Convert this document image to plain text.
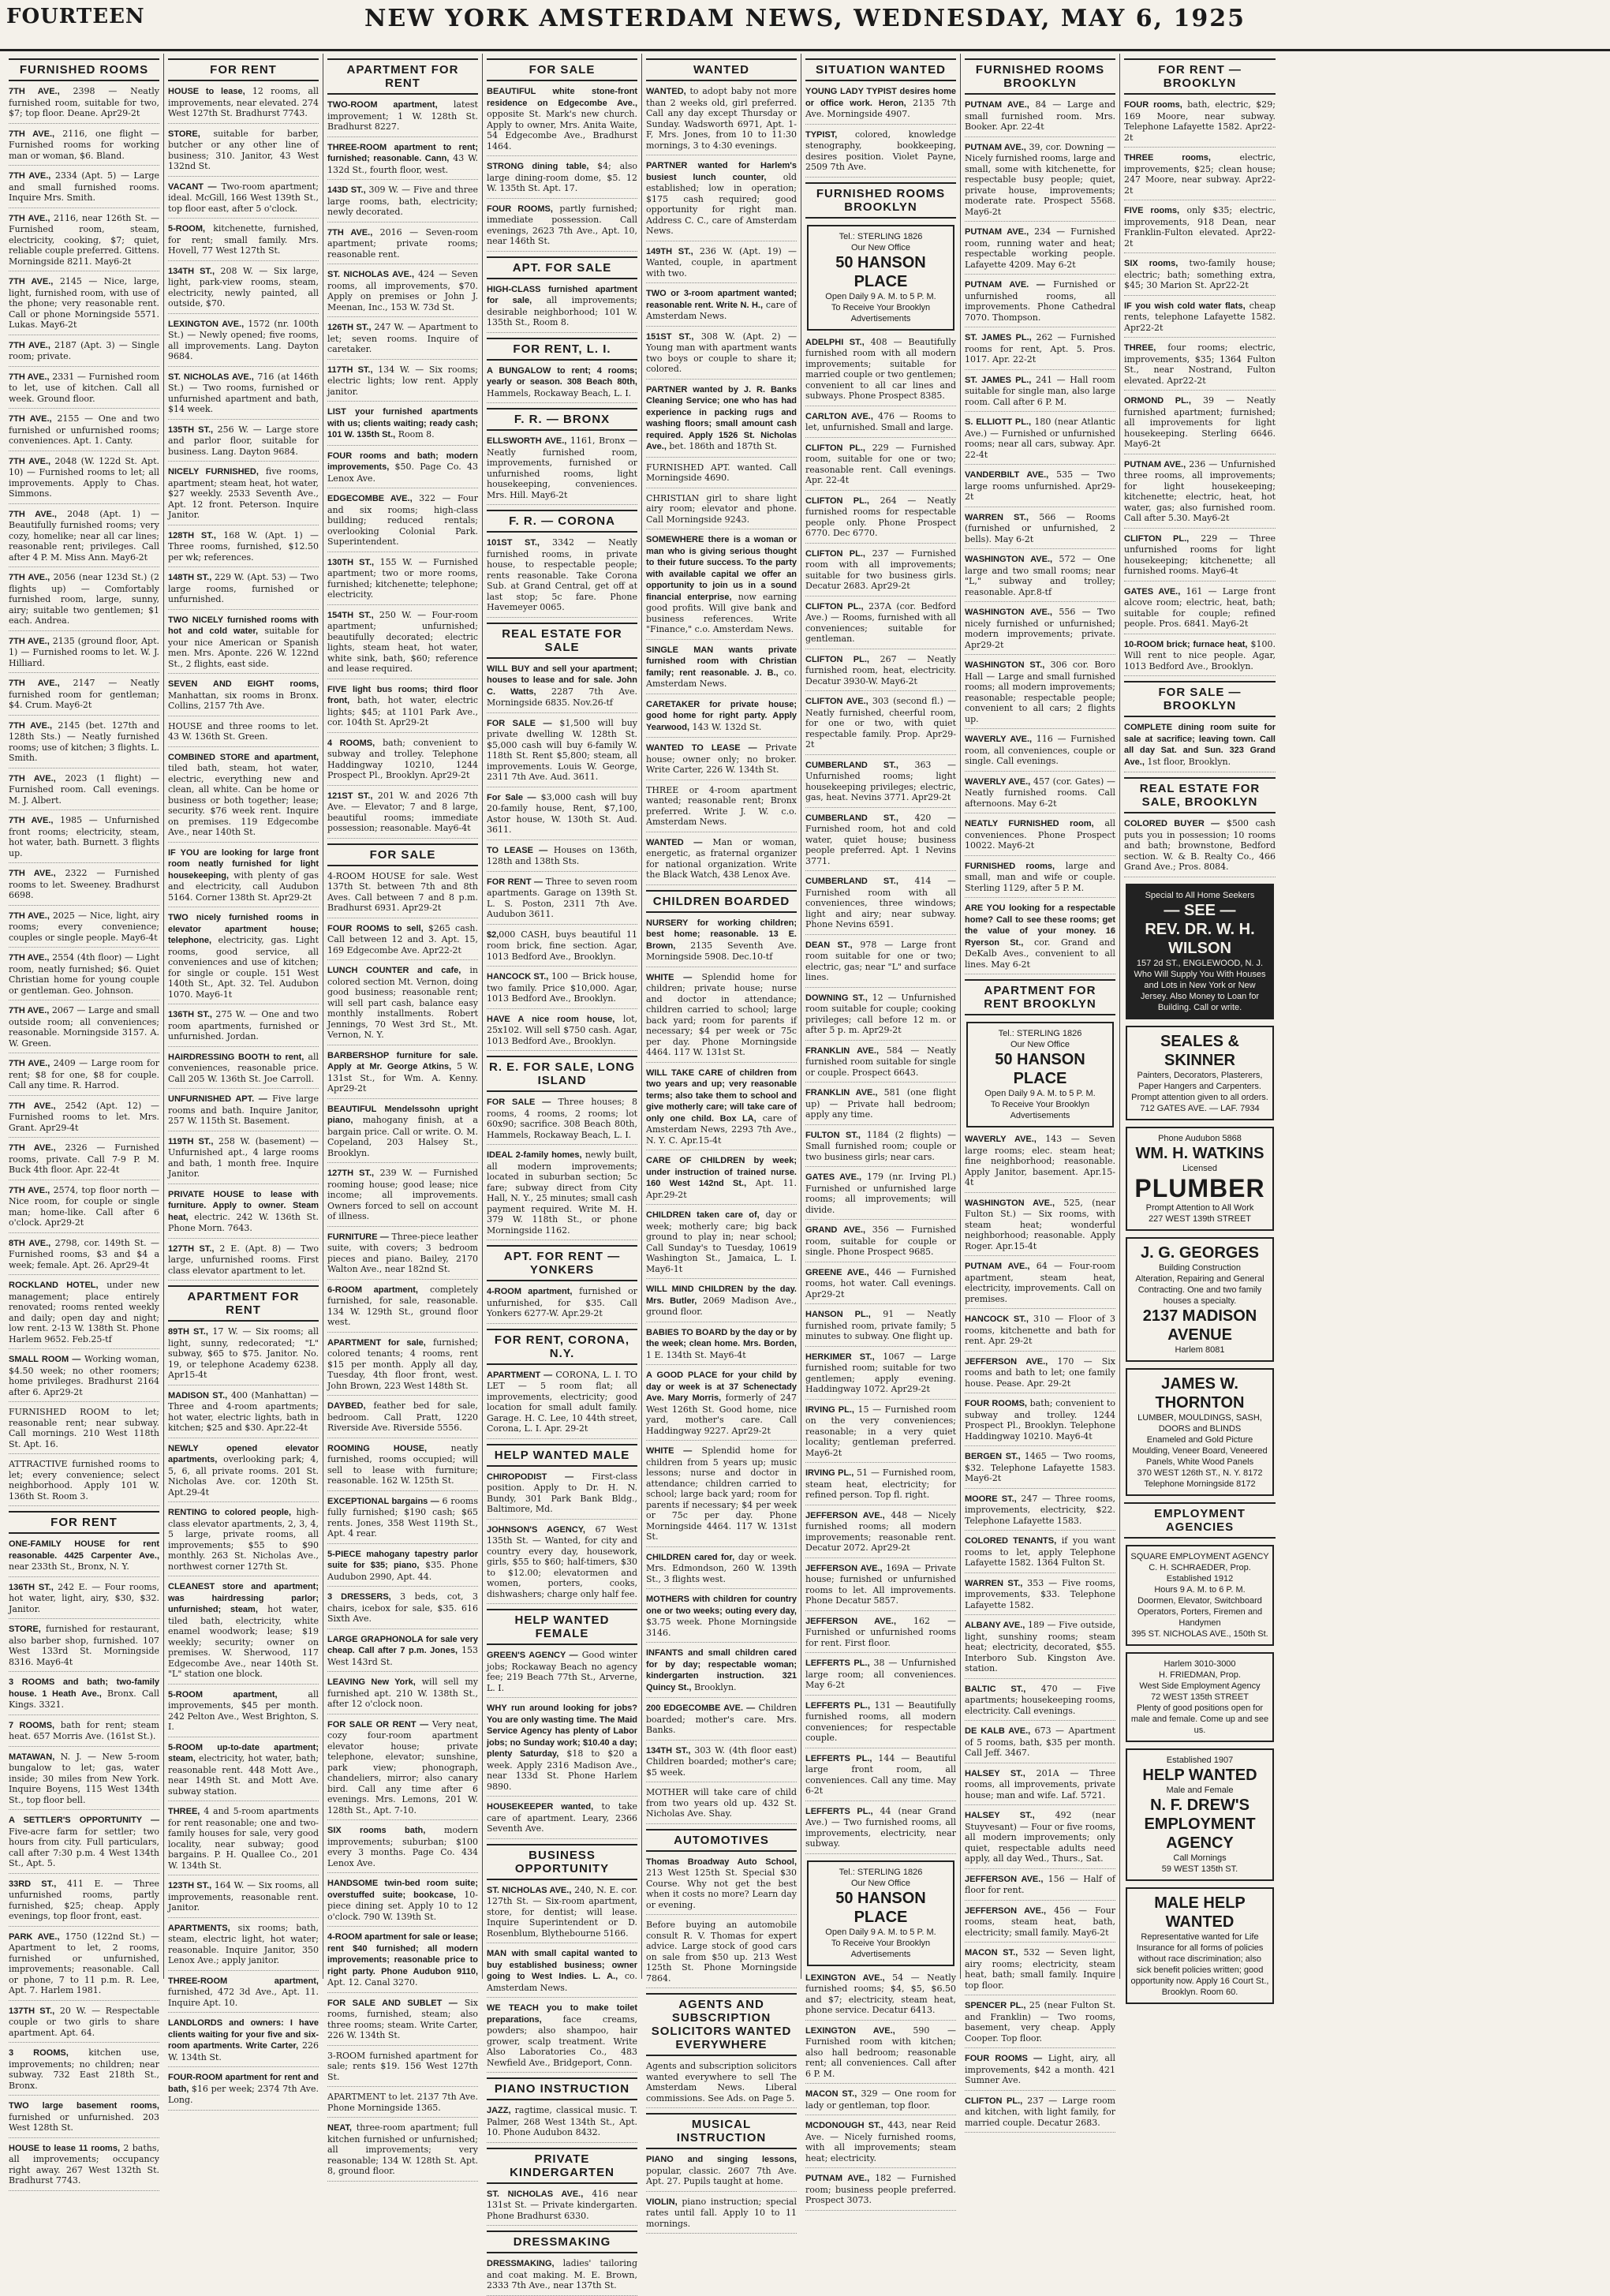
FOURTEEN	NEW YORK AMSTERDAM NEWS, WEDNESDAY, MAY 6, 1925
FURNISHED ROOMS

7TH AVE., 2398 — Neatly furnished room, suitable for two, $7; top floor. Deane. Apr29-2t

7TH AVE., 2116, one flight — Furnished rooms for working man or woman, $6. Bland.

7TH AVE., 2334 (Apt. 5) — Large and small furnished rooms. Inquire Mrs. Smith.

7TH AVE., 2116, near 126th St. — Furnished room, steam, electricity, cooking, $7; quiet, reliable couple preferred. Gittens. Morningside 8211. May6-2t

7TH AVE., 2145 — Nice, large, light, furnished room, with use of the phone; very reasonable rent. Call or phone Morningside 5571. Lukas. May6-2t

7TH AVE., 2187 (Apt. 3) — Single room; private.

7TH AVE., 2331 — Furnished room to let, use of kitchen. Call all week. Ground floor.

7TH AVE., 2155 — One and two furnished or unfurnished rooms; conveniences. Apt. 1. Canty.

7TH AVE., 2048 (W. 122d St. Apt. 10) — Furnished rooms to let; all improvements. Apply to Chas. Simmons.

7TH AVE., 2048 (Apt. 1) — Beautifully furnished rooms; very cozy, homelike; near all car lines; reasonable rent; privileges. Call after 4 P. M. Miss Ann. May6-2t

7TH AVE., 2056 (near 123d St.) (2 flights up) — Comfortably furnished room, large, sunny, airy; suitable two gentlemen; $1 each. Andrea.

7TH AVE., 2135 (ground floor, Apt. 1) — Furnished rooms to let. W. J. Hilliard.

7TH AVE., 2147 — Neatly furnished room for gentleman; $4. Crum. May6-2t

7TH AVE., 2145 (bet. 127th and 128th Sts.) — Neatly furnished rooms; use of kitchen; 3 flights. L. Smith.

7TH AVE., 2023 (1 flight) — Furnished room. Call evenings. M. J. Albert.

7TH AVE., 1985 — Unfurnished front rooms; electricity, steam, hot water, bath. Burnett. 3 flights up.

7TH AVE., 2322 — Furnished rooms to let. Sweeney. Bradhurst 6698.

7TH AVE., 2025 — Nice, light, airy rooms; every convenience; couples or single people. May6-4t

7TH AVE., 2554 (4th floor) — Light room, neatly furnished; $6. Quiet Christian home for young couple or gentleman. Geo. Johnson.

7TH AVE., 2067 — Large and small outside room; all conveniences; reasonable. Morningside 3157. A. W. Green.

7TH AVE., 2409 — Large room for rent; $8 for one, $8 for couple. Call any time. R. Harrod.

7TH AVE., 2542 (Apt. 12) — Furnished rooms to let. Mrs. Grant. Apr29-4t

7TH AVE., 2326 — Furnished rooms, private. Call 7-9 P. M. Buck 4th floor. Apr. 22-4t

7TH AVE., 2574, top floor north — Nice room, for couple or single man; home-like. Call after 6 o'clock. Apr29-2t

8TH AVE., 2798, cor. 149th St. — Furnished rooms, $3 and $4 a week; female. Apt. 26. Apr29-4t

ROCKLAND HOTEL, under new management; place entirely renovated; rooms rented weekly and daily; open day and night; low rent. 2-13 W. 138th St. Phone Harlem 9652. Feb.25-tf

SMALL ROOM — Working woman, $4.50 week; no other roomers; home privileges. Bradhurst 2164 after 6. Apr29-2t

FURNISHED ROOM to let; reasonable rent; near subway. Call mornings. 210 West 118th St. Apt. 16.

ATTRACTIVE furnished rooms to let; every convenience; select neighborhood. Apply 101 W. 136th St. Room 3.

FOR RENT

ONE-FAMILY HOUSE for rent reasonable. 4425 Carpenter Ave., near 233th St., Bronx, N. Y.

136TH ST., 242 E. — Four rooms, hot water, light, airy, $30, $32. Janitor.

STORE, furnished for restaurant, also barber shop, furnished. 107 West 133rd St. Morningside 8316. May6-4t

3 ROOMS and bath; two-family house. 1 Heath Ave., Bronx. Call Kings. 3321.

7 ROOMS, bath for rent; steam heat. 657 Morris Ave. (161st St.).

MATAWAN, N. J. — New 5-room bungalow to let; gas, water inside; 30 miles from New York. Inquire Boyens, 115 West 134th St., top floor bell.

A SETTLER'S OPPORTUNITY — Five-acre farm for settler; two hours from city. Full particulars, call after 7:30 p.m. 4 West 134th St., Apt. 5.

33RD ST., 411 E. — Three unfurnished rooms, partly furnished, $25; cheap. Apply evenings, top floor front, east.

PARK AVE., 1750 (122nd St.) — Apartment to let, 2 rooms, furnished or unfurnished, improvements; reasonable. Call or phone, 7 to 11 p.m. R. Lee, Apt. 7. Harlem 1981.

137TH ST., 20 W. — Respectable couple or two girls to share apartment. Apt. 64.

3 ROOMS, kitchen use, improvements; no children; near subway. 732 East 218th St., Bronx.

TWO large basement rooms, furnished or unfurnished. 203 West 128th St.

HOUSE to lease 11 rooms, 2 baths, all improvements; occupancy right away. 267 West 132th St. Bradhurst 7743.

FOR RENT

HOUSE to lease, 12 rooms, all improvements, near elevated. 274 West 127th St. Bradhurst 7743.

STORE, suitable for barber, butcher or any other line of business; 310. Janitor, 43 West 132nd St.

VACANT — Two-room apartment; ideal. McGill, 166 West 139th St., top floor east, after 5 o'clock.

5-ROOM, kitchenette, furnished, for rent; small family. Mrs. Hovell, 77 West 127th St.

134TH ST., 208 W. — Six large, light, park-view rooms, steam, electricity, newly painted, all outside, $70.

LEXINGTON AVE., 1572 (nr. 100th St.) — Newly opened; five rooms, all improvements. Lang. Dayton 9684.

ST. NICHOLAS AVE., 716 (at 146th St.) — Two rooms, furnished or unfurnished apartment and bath, $14 week.

135TH ST., 256 W. — Large store and parlor floor, suitable for business. Lang. Dayton 9684.

NICELY FURNISHED, five rooms, apartment; steam heat, hot water, $27 weekly. 2533 Seventh Ave., Apt. 12 front. Peterson. Inquire Janitor.

128TH ST., 168 W. (Apt. 1) — Three rooms, furnished, $12.50 per wk; references.

148TH ST., 229 W. (Apt. 53) — Two large rooms, furnished or unfurnished.

TWO NICELY furnished rooms with hot and cold water, suitable for your nice American or Spanish men. Mrs. Aponte. 226 W. 122nd St., 2 flights, east side.

SEVEN AND EIGHT rooms, Manhattan, six rooms in Bronx. Collins, 2157 7th Ave.

HOUSE and three rooms to let. 43 W. 136th St. Green.

COMBINED STORE and apartment, tiled bath, steam, hot water, electric, everything new and clean, all white. Can be home or business or both together; lease; security. $76 week rent. Inquire on premises. 119 Edgecombe Ave., near 140th St.

IF YOU are looking for large front room neatly furnished for light housekeeping, with plenty of gas and electricity, call Audubon 5164. Corner 138th St. Apr29-2t

TWO nicely furnished rooms in elevator apartment house; telephone, electricity, gas. Light rooms, good service, all conveniences and use of kitchen; for single or couple. 151 West 140th St., Apt. 32. Tel. Audubon 1070. May6-1t

136TH ST., 275 W. — One and two room apartments, furnished or unfurnished. Jordan.

HAIRDRESSING BOOTH to rent, all conveniences, reasonable price. Call 205 W. 136th St. Joe Carroll.

UNFURNISHED APT. — Five large rooms and bath. Inquire Janitor, 257 W. 115th St. Basement.

119TH ST., 258 W. (basement) — Unfurnished apt., 4 large rooms and bath, 1 month free. Inquire Janitor.

PRIVATE HOUSE to lease with furniture. Apply to owner. Steam heat, electric. 242 W. 136th St. Phone Morn. 7643.

127TH ST., 2 E. (Apt. 8) — Two large, unfurnished rooms. First class elevator apartment to let.

APARTMENT FOR RENT

89TH ST., 17 W. — Six rooms; all light, sunny, redecorated; "L" subway, $65 to $75. Janitor. No. 19, or telephone Academy 6238. Apr15-4t

MADISON ST., 400 (Manhattan) — Three and 4-room apartments; hot water, electric lights, bath in kitchen; $25 and $30. Apr.22-4t

NEWLY opened elevator apartments, overlooking park; 4, 5, 6, all private rooms. 201 St. Nicholas Ave. cor. 120th St. Apt.29-4t

RENTING to colored people, high-class elevator apartments, 2, 3, 4, 5 large, private rooms, all improvements; $55 to $90 monthly. 263 St. Nicholas Ave., northwest corner 127th St.

CLEANEST store and apartment; was hairdressing parlor; unfurnished; steam, hot water, tiled bath, electricity, white enamel woodwork; lease; $19 weekly; security; owner on premises. W. Sherwood, 117 Edgecombe Ave., near 140th St. "L" station one block.

5-ROOM apartment, all improvements, $45 per month. 242 Pelton Ave., West Brighton, S. I.

5-ROOM up-to-date apartment; steam, electricity, hot water, bath; reasonable rent. 448 Mott Ave., near 149th St. and Mott Ave. subway station.

THREE, 4 and 5-room apartments for rent reasonable; one and two-family houses for sale, very good locality, near subway; good bargains. P. H. Quallee Co., 201 W. 134th St.

123TH ST., 164 W. — Six rooms, all improvements, reasonable rent. Janitor.

APARTMENTS, six rooms; bath, steam, electric light, hot water; reasonable. Inquire Janitor, 350 Lenox Ave.; apply janitor.

THREE-ROOM apartment, furnished, 472 3d Ave., Apt. 11. Inquire Apt. 10.

LANDLORDS and owners: I have clients waiting for your five and six-room apartments. Write Carter, 226 W. 134th St.

FOUR-ROOM apartment for rent and bath, $16 per week; 2374 7th Ave. Long.

APARTMENT FOR RENT

TWO-ROOM apartment, latest improvement; 1 W. 128th St. Bradhurst 8227.

THREE-ROOM apartment to rent; furnished; reasonable. Cann, 43 W. 132d St., fourth floor, west.

143D ST., 309 W. — Five and three large rooms, bath, electricity; newly decorated.

7TH AVE., 2016 — Seven-room apartment; private rooms; reasonable rent.

ST. NICHOLAS AVE., 424 — Seven rooms, all improvements, $70. Apply on premises or John J. Meenan, Inc., 153 W. 73d St.

126TH ST., 247 W. — Apartment to let; seven rooms. Inquire of caretaker.

117TH ST., 134 W. — Six rooms; electric lights; low rent. Apply janitor.

LIST your furnished apartments with us; clients waiting; ready cash; 101 W. 135th St., Room 8.

FOUR rooms and bath; modern improvements, $50. Page Co. 43 Lenox Ave.

EDGECOMBE AVE., 322 — Four and six rooms; high-class building; reduced rentals; overlooking Colonial Park. Superintendent.

130TH ST., 155 W. — Furnished apartment; two or more rooms, furnished; kitchenette; telephone; electricity.

154TH ST., 250 W. — Four-room apartment; unfurnished; beautifully decorated; electric lights, steam heat, hot water, white sink, bath, $60; reference and lease required.

FIVE light bus rooms; third floor front, bath, hot water, electric lights; $45; at 1101 Park Ave., cor. 104th St. Apr29-2t

4 ROOMS, bath; convenient to subway and trolley. Telephone Haddingway 10210, 1244 Prospect Pl., Brooklyn. Apr29-2t

121ST ST., 201 W. and 2026 7th Ave. — Elevator; 7 and 8 large, beautiful rooms; immediate possession; reasonable. May6-4t

FOR SALE

4-ROOM HOUSE for sale. West 137th St. between 7th and 8th Aves. Call between 7 and 8 p.m. Bradhurst 6931. Apr29-2t

FOUR ROOMS to sell, $265 cash. Call between 12 and 3. Apt. 15, 169 Edgecombe Ave. Apr22-2t

LUNCH COUNTER and cafe, in colored section Mt. Vernon, doing good business; reasonable rent; will sell part cash, balance easy monthly installments. Robert Jennings, 70 West 3rd St., Mt. Vernon, N. Y.

BARBERSHOP furniture for sale. Apply at Mr. George Atkins, 5 W. 131st St., for Wm. A. Kenny. Apr29-2t

BEAUTIFUL Mendelssohn upright piano, mahogany finish, at a bargain price. Call or write. O. M. Copeland, 203 Halsey St., Brooklyn.

127TH ST., 239 W. — Furnished rooming house; good lease; nice income; all improvements. Owners forced to sell on account of illness.

FURNITURE — Three-piece leather suite, with covers; 3 bedroom pieces and piano. Bailey, 2170 Walton Ave., near 182nd St.

6-ROOM apartment, completely furnished, for sale, reasonable. 134 W. 129th St., ground floor west.

APARTMENT for sale, furnished; colored tenants; 4 rooms, rent $15 per month. Apply all day, Tuesday, 4th floor front, west. John Brown, 223 West 148th St.

DAYBED, feather bed for sale, bedroom. Call Pratt, 1220 Riverside Ave. Riverside 5556.

ROOMING HOUSE, neatly furnished, rooms occupied; will sell to lease with furniture; reasonable. 162 W. 125th St.

EXCEPTIONAL bargains — 6 rooms fully furnished; $190 cash; $65 rents. Jones, 358 West 119th St., Apt. 4 rear.

5-PIECE mahogany tapestry parlor suite for $35; piano, $35. Phone Audubon 2990, Apt. 44.

3 DRESSERS, 3 beds, cot, 3 chairs, icebox for sale, $35. 616 Sixth Ave.

LARGE GRAPHONOLA for sale very cheap. Call after 7 p.m. Jones, 153 West 143rd St.

LEAVING New York, will sell my furnished apt. 210 W. 138th St., after 12 o'clock noon.

FOR SALE OR RENT — Very neat, cozy four-room apartment elevator house; private telephone, elevator; sunshine, park view; phonograph, chandeliers, mirror; also canary bird. Call any time after 6 evenings. Mrs. Lemons, 201 W. 128th St., Apt. 7-10.

SIX rooms bath, modern improvements; suburban; $100 every 3 months. Page Co. 434 Lenox Ave.

HANDSOME twin-bed room suite; overstuffed suite; bookcase, 10-piece dining set. Apply 10 to 12 o'clock. 790 W. 139th St.

4-ROOM apartment for sale or lease; rent $40 furnished; all modern improvements; reasonable price to right party. Phone Audubon 9110, Apt. 12. Canal 3270.

FOR SALE AND SUBLET — Six rooms, furnished, steam; also three rooms; steam. Write Carter, 226 W. 134th St.

3-ROOM furnished apartment for sale; rents $19. 156 West 127th St.

APARTMENT to let. 2137 7th Ave. Phone Morningside 1365.

NEAT, three-room apartment; full kitchen furnished or unfurnished; all improvements; very reasonable; 134 W. 128th St. Apt. 8, ground floor.

FOR SALE

BEAUTIFUL white stone-front residence on Edgecombe Ave., opposite St. Mark's new church. Apply to owner, Mrs. Anita Waite, 54 Edgecombe Ave., Bradhurst 1464.

STRONG dining table, $4; also large dining-room dome, $5. 12 W. 135th St. Apt. 17.

FOUR ROOMS, partly furnished; immediate possession. Call evenings, 2623 7th Ave., Apt. 10, near 146th St.

APT. FOR SALE

HIGH-CLASS furnished apartment for sale, all improvements; desirable neighborhood; 101 W. 135th St., Room 8.

FOR RENT, L. I.

A BUNGALOW to rent; 4 rooms; yearly or season. 308 Beach 80th, Hammels, Rockaway Beach, L. I.

F. R. — BRONX

ELLSWORTH AVE., 1161, Bronx — Neatly furnished room, improvements, furnished or unfurnished rooms, light housekeeping, conveniences. Mrs. Hill. May6-2t

F. R. — CORONA

101ST ST., 3342 — Neatly furnished rooms, in private house, to respectable people; rents reasonable. Take Corona Sub. at Grand Central, get off at last stop; 5c fare. Phone Havemeyer 0065.

REAL ESTATE FOR SALE

WILL BUY and sell your apartment; houses to lease and for sale. John C. Watts, 2287 7th Ave. Morningside 6835. Nov.26-tf

FOR SALE — $1,500 will buy private dwelling W. 128th St. $5,000 cash will buy 6-family W. 118th St. Rent $5,800; steam, all improvements. Louis W. George, 2311 7th Ave. Aud. 3611.

For Sale — $3,000 cash will buy 20-family house, Rent, $7,100, Astor house, W. 130th St. Aud. 3611.

TO LEASE — Houses on 136th, 128th and 138th Sts.

FOR RENT — Three to seven room apartments. Garage on 139th St. L. S. Poston, 2311 7th Ave. Audubon 3611.

$2,000 CASH, buys beautiful 11 room brick, fine section. Agar, 1013 Bedford Ave., Brooklyn.

HANCOCK ST., 100 — Brick house, two family. Price $10,000. Agar, 1013 Bedford Ave., Brooklyn.

HAVE A nice room house, lot, 25x102. Will sell $750 cash. Agar, 1013 Bedford Ave., Brooklyn.

R. E. FOR SALE, LONG ISLAND

FOR SALE — Three houses; 8 rooms, 4 rooms, 2 rooms; lot 60x90; sacrifice. 308 Beach 80th, Hammels, Rockaway Beach, L. I.

IDEAL 2-family homes, newly built, all modern improvements; located in suburban section; 5c fare; subway direct from City Hall, N. Y., 25 minutes; small cash payment required. Write M. H. 379 W. 118th St., or phone Morningside 1162.

APT. FOR RENT — YONKERS

4-ROOM apartment, furnished or unfurnished, for $35. Call Yonkers 6277-W. Apr.29-2t

FOR RENT, CORONA, N.Y.

APARTMENT — CORONA, L. I. TO LET — 5 room flat; all improvements, electricity; good location for small adult family. Garage. H. C. Lee, 10 44th street, Corona, L. I. Apr. 29-2t

HELP WANTED MALE

CHIROPODIST — First-class position. Apply to Dr. H. N. Bundy, 301 Park Bank Bldg., Baltimore, Md.

JOHNSON'S AGENCY, 67 West 135th St. — Wanted, for city and country every day, housework, girls, $55 to $60; half-timers, $30 to $12.00; elevatormen and women, porters, cooks, dishwashers; charge only half fee.

HELP WANTED FEMALE

GREEN'S AGENCY — Good winter jobs; Rockaway Beach no agency fee; 219 Beach 77th St., Arverne, L. I.

WHY run around looking for jobs? You are only wasting time. The Maid Service Agency has plenty of Labor jobs; no Sunday work; $10.40 a day; plenty Saturday, $18 to $20 a week. Apply 2316 Madison Ave., near 133d St. Phone Harlem 9890.

HOUSEKEEPER wanted, to take care of apartment. Leary, 2366 Seventh Ave.

BUSINESS OPPORTUNITY

ST. NICHOLAS AVE., 240, N. E. cor. 127th St. — Six-room apartment, store, for dentist; will lease. Inquire Superintendent or D. Rosenblum, Blythebourne 5166.

MAN with small capital wanted to buy established business; owner going to West Indies. L. A., co. Amsterdam News.

WE TEACH you to make toilet preparations, face creams, powders; also shampoo, hair grower, scalp treatment. Write Also Laboratories Co., 483 Newfield Ave., Bridgeport, Conn.

PIANO INSTRUCTION

JAZZ, ragtime, classical music. T. Palmer, 268 West 134th St., Apt. 10. Phone Audubon 8432.

PRIVATE KINDERGARTEN

ST. NICHOLAS AVE., 416 near 131st St. — Private kindergarten. Phone Bradhurst 6330.

DRESSMAKING

DRESSMAKING, ladies' tailoring and coat making. M. E. Brown, 2333 7th Ave., near 137th St.

WANTED

WANTED, to adopt baby not more than 2 weeks old, girl preferred. Call any day except Thursday or Sunday. Wadsworth 6971, Apt. 1-F, Mrs. Jones, from 10 to 11:30 mornings, 3 to 4:30 evenings.

PARTNER wanted for Harlem's busiest lunch counter, old established; low in operation; $175 cash required; good opportunity for right man. Address C. C., care of Amsterdam News.

149TH ST., 236 W. (Apt. 19) — Wanted, couple, in apartment with two.

TWO or 3-room apartment wanted; reasonable rent. Write N. H., care of Amsterdam News.

151ST ST., 308 W. (Apt. 2) — Young man with apartment wants two boys or couple to share it; colored.

PARTNER wanted by J. R. Banks Cleaning Service; one who has had experience in packing rugs and washing floors; small amount cash required. Apply 1526 St. Nicholas Ave., bet. 186th and 187th St.

FURNISHED APT. wanted. Call Morningside 4690.

CHRISTIAN girl to share light airy room; elevator and phone. Call Morningside 9243.

SOMEWHERE there is a woman or man who is giving serious thought to their future success. To the party with available capital we offer an opportunity to join us in a sound financial enterprise, now earning good profits. Will give bank and business references. Write "Finance," c.o. Amsterdam News.

SINGLE MAN wants private furnished room with Christian family; rent reasonable. J. B., co. Amsterdam News.

CARETAKER for private house; good home for right party. Apply Yearwood, 143 W. 132d St.

WANTED TO LEASE — Private house; owner only; no broker. Write Carter, 226 W. 134th St.

THREE or 4-room apartment wanted; reasonable rent; Bronx preferred. Write J. W. c.o. Amsterdam News.

WANTED — Man or woman, energetic, as fraternal organizer for national organization. Write the Black Watch, 438 Lenox Ave.

CHILDREN BOARDED

NURSERY for working children; best home; reasonable. 13 E. Brown, 2135 Seventh Ave. Morningside 5908. Dec.10-tf

WHITE — Splendid home for children; private house; nurse and doctor in attendance; children carried to school; large back yard; room for parents if necessary; $4 per week or 75c per day. Phone Morningside 4464. 117 W. 131st St.

WILL TAKE CARE of children from two years and up; very reasonable terms; also take them to school and give motherly care; will take care of only one child. Box LA, care of Amsterdam News, 2293 7th Ave., N. Y. C. Apr.15-4t

CARE OF CHILDREN by week; under instruction of trained nurse. 160 West 142nd St., Apt. 11. Apr.29-2t

CHILDREN taken care of, day or week; motherly care; big back ground to play in; near school; Call Sunday's to Tuesday, 10619 Washington St., Jamaica, L. I. May6-1t

WILL MIND CHILDREN by the day. Mrs. Butler, 2069 Madison Ave., ground floor.

BABIES TO BOARD by the day or by the week; clean home. Mrs. Borden, 1 E. 134th St. May6-4t

A GOOD PLACE for your child by day or week is at 37 Schenectady Ave. Mary Morris, formerly of 247 West 126th St. Good home, nice yard, mother's care. Call Haddingway 9227. Apr29-2t

WHITE — Splendid home for children from 5 years up; music lessons; nurse and doctor in attendance; children carried to school; large back yard; room for parents if necessary; $4 per week or 75c per day. Phone Morningside 4464. 117 W. 131st St.

CHILDREN cared for, day or week. Mrs. Edmondson, 260 W. 139th St., 3 flights west.

MOTHERS with children for country one or two weeks; outing every day, $3.75 week. Phone Morningside 3146.

INFANTS and small children cared for by day; respectable woman; kindergarten instruction. 321 Quincy St., Brooklyn.

200 EDGECOMBE AVE. — Children boarded; mother's care. Mrs. Banks.

134TH ST., 303 W. (4th floor east) Children boarded; mother's care; $5 week.

MOTHER will take care of child from two years old up. 432 St. Nicholas Ave. Shay.

AUTOMOTIVES

Thomas Broadway Auto School, 213 West 125th St. Special $30 Course. Why not get the best when it costs no more? Learn day or evening.

Before buying an automobile consult R. V. Thomas for expert advice. Large stock of good cars on sale from $50 up. 213 West 125th St. Phone Morningside 7864.

AGENTS AND SUBSCRIPTION SOLICITORS WANTED EVERYWHERE

Agents and subscription solicitors wanted everywhere to sell The Amsterdam News. Liberal commissions. See Ads. on Page 5.

MUSICAL INSTRUCTION

PIANO and singing lessons, popular, classic. 2607 7th Ave. Apt. 27. Pupils taught at home.

VIOLIN, piano instruction; special rates until fall. Apply 10 to 11 mornings.

SITUATION WANTED

YOUNG LADY TYPIST desires home or office work. Heron, 2135 7th Ave. Morningside 4907.

TYPIST, colored, knowledge stenography, bookkeeping, desires position. Violet Payne, 2509 7th Ave.

FURNISHED ROOMS BROOKLYN
Tel.: STERLING 1826
Our New Office
50 HANSON PLACE
Open Daily 9 A. M. to 5 P. M.
To Receive Your Brooklyn Advertisements

ADELPHI ST., 408 — Beautifully furnished room with all modern improvements; suitable for married couple or two gentlemen; convenient to all car lines and subways. Phone Prospect 8385.

CARLTON AVE., 476 — Rooms to let, unfurnished. Small and large.

CLIFTON PL., 229 — Furnished room, suitable for one or two; reasonable rent. Call evenings. Apr. 22-4t

CLIFTON PL., 264 — Neatly furnished rooms for respectable people only. Phone Prospect 6770. Dec 6770.

CLIFTON PL., 237 — Furnished room with all improvements; suitable for two business girls. Decatur 2683. Apr29-2t

CLIFTON PL., 237A (cor. Bedford Ave.) — Rooms, furnished with all conveniences; suitable for gentleman.

CLIFTON PL., 267 — Neatly furnished room, heat, electricity. Decatur 3930-W. May6-2t

CLIFTON AVE., 303 (second fl.) — Neatly furnished, cheerful room, for one or two, with quiet respectable family. Prop. Apr29-2t

CUMBERLAND ST., 363 — Unfurnished rooms; light housekeeping privileges; electric, gas, heat. Nevins 3771. Apr29-2t

CUMBERLAND ST., 420 — Furnished room, hot and cold water, quiet house; business people preferred. Apt. 1 Nevins 3771.

CUMBERLAND ST., 414 — Furnished room with all conveniences, three windows; light and airy; near subway. Phone Nevins 6591.

DEAN ST., 978 — Large front room suitable for one or two; electric, gas; near "L" and surface lines.

DOWNING ST., 12 — Unfurnished room suitable for couple; cooking privileges; call before 12 m. or after 5 p. m. Apr29-2t

FRANKLIN AVE., 584 — Neatly furnished room suitable for single or couple. Prospect 6643.

FRANKLIN AVE., 581 (one flight up) — Private hall bedroom; apply any time.

FULTON ST., 1184 (2 flights) — Small furnished room; couple or two business girls; near cars.

GATES AVE., 179 (nr. Irving Pl.) Furnished or unfurnished large rooms; all improvements; will divide.

GRAND AVE., 356 — Furnished room, suitable for couple or single. Phone Prospect 9685.

GREENE AVE., 446 — Furnished rooms, hot water. Call evenings. Apr29-2t

HANSON PL., 91 — Neatly furnished room, private family; 5 minutes to subway. One flight up.

HERKIMER ST., 1067 — Large furnished room; suitable for two gentlemen; apply evening. Haddingway 1072. Apr29-2t

IRVING PL., 15 — Furnished room on the very conveniences; reasonable; in a very quiet locality; gentleman preferred. May6-2t

IRVING PL., 51 — Furnished room, steam heat, electricity; for refined person. Top fl. right.

JEFFERSON AVE., 448 — Nicely furnished rooms; all modern improvements; reasonable rent. Decatur 2072. Apr29-2t

JEFFERSON AVE., 169A — Private house; furnished or unfurnished rooms to let. All improvements. Phone Decatur 5857.

JEFFERSON AVE., 162 — Furnished or unfurnished rooms for rent. First floor.

LEFFERTS PL., 38 — Unfurnished large room; all conveniences. May 6-2t

LEFFERTS PL., 131 — Beautifully furnished rooms, all modern conveniences; for respectable couple.

LEFFERTS PL., 144 — Beautiful large front room, all conveniences. Call any time. May 6-2t

LEFFERTS PL., 44 (near Grand Ave.) — Two furnished rooms, all improvements, electricity, near subway.

Tel.: STERLING 1826
Our New Office
50 HANSON PLACE
Open Daily 9 A. M. to 5 P. M.
To Receive Your Brooklyn Advertisements

LEXINGTON AVE., 54 — Neatly furnished rooms; $4, $5, $6.50 and $7; electricity, steam heat, phone service. Decatur 6413.

LEXINGTON AVE., 590 — Furnished room with kitchen; also hall bedroom; reasonable rent; all conveniences. Call after 6 P. M.

MACON ST., 329 — One room for lady or gentleman, top floor.

MCDONOUGH ST., 443, near Reid Ave. — Nicely furnished rooms, with all improvements; steam heat; electricity.

PUTNAM AVE., 182 — Furnished room; business people preferred. Prospect 3073.

FURNISHED ROOMS BROOKLYN

PUTNAM AVE., 84 — Large and small furnished room. Mrs. Booker. Apr. 22-4t

PUTNAM AVE., 39, cor. Downing — Nicely furnished rooms, large and small, some with kitchenette, for respectable busy people; quiet, private house, improvements; moderate rate. Prospect 5568. May6-2t

PUTNAM AVE., 234 — Furnished room, running water and heat; respectable working people. Lafayette 4209. May 6-2t

PUTNAM AVE. — Furnished or unfurnished rooms, all improvements. Phone Cathedral 7070. Thompson.

ST. JAMES PL., 262 — Furnished rooms for rent, Apt. 5. Pros. 1017. Apr. 22-2t

ST. JAMES PL., 241 — Hall room suitable for single man, also large room. Call after 6 P. M.

S. ELLIOTT PL., 180 (near Atlantic Ave.) — Furnished or unfurnished rooms; near all cars, subway. Apr. 22-4t

VANDERBILT AVE., 535 — Two large rooms unfurnished. Apr29-2t

WARREN ST., 566 — Rooms (furnished or unfurnished, 2 bells). May 6-2t

WASHINGTON AVE., 572 — One large and two small rooms; near "L," subway and trolley; reasonable. Apr.8-tf

WASHINGTON AVE., 556 — Two nicely furnished or unfurnished; modern improvements; private. Apr29-2t

WASHINGTON ST., 306 cor. Boro Hall — Large and small furnished rooms; all modern improvements; reasonable; respectable people; convenient to all cars; 2 flights up.

WAVERLY AVE., 116 — Furnished room, all conveniences, couple or single. Call evenings.

WAVERLY AVE., 457 (cor. Gates) — Neatly furnished rooms. Call afternoons. May 6-2t

NEATLY FURNISHED room, all conveniences. Phone Prospect 10022. May6-2t

FURNISHED rooms, large and small, man and wife or couple. Sterling 1129, after 5 P. M.

ARE YOU looking for a respectable home? Call to see these rooms; get the value of your money. 16 Ryerson St., cor. Grand and DeKalb Aves., convenient to all lines. May 6-2t

APARTMENT FOR RENT BROOKLYN
Tel.: STERLING 1826
Our New Office
50 HANSON PLACE
Open Daily 9 A. M. to 5 P. M.
To Receive Your Brooklyn Advertisements

WAVERLY AVE., 143 — Seven large rooms; elec. steam heat; fine neighborhood; reasonable. Apply Janitor, basement. Apr.15-4t

WASHINGTON AVE., 525, (near Fulton St.) — Six rooms, with steam heat; wonderful neighborhood; reasonable. Apply Roger. Apr.15-4t

PUTNAM AVE., 64 — Four-room apartment, steam heat, electricity, improvements. Call on premises.

HANCOCK ST., 310 — Floor of 3 rooms, kitchenette and bath for rent. Apr. 29-2t

JEFFERSON AVE., 170 — Six rooms and bath to let; one family house. Pease. Apr. 29-2t

FOUR ROOMS, bath; convenient to subway and trolley. 1244 Prospect Pl., Brooklyn. Telephone Haddingway 10210. May6-4t

BERGEN ST., 1465 — Two rooms, $32. Telephone Lafayette 1583. May6-2t

MOORE ST., 247 — Three rooms, improvements, electricity, $22. Telephone Lafayette 1583.

COLORED TENANTS, if you want rooms to let, apply Telephone Lafayette 1582. 1364 Fulton St.

WARREN ST., 353 — Five rooms, improvements, $33. Telephone Lafayette 1582.

ALBANY AVE., 189 — Five outside, light, sunshiny rooms; steam heat; electricity, decorated, $55. Interboro Sub. Kingston Ave. station.

BALTIC ST., 470 — Five apartments; housekeeping rooms, electricity. Call evenings.

DE KALB AVE., 673 — Apartment of 5 rooms, bath, $35 per month. Call Jeff. 3467.

HALSEY ST., 201A — Three rooms, all improvements, private house; man and wife. Laf. 5721.

HALSEY ST., 492 (near Stuyvesant) — Four or five rooms, all modern improvements; only quiet, respectable adults need apply, all day Wed., Thurs., Sat.

JEFFERSON AVE., 156 — Half of floor for rent.

JEFFERSON AVE., 456 — Four rooms, steam heat, bath, electricity; small family. May6-2t

MACON ST., 532 — Seven light, airy rooms; electricity, steam heat, bath; small family. Inquire top floor.

SPENCER PL., 25 (near Fulton St. and Franklin) — Two rooms, basement, very cheap. Apply Cooper. Top floor.

FOUR ROOMS — Light, airy, all improvements, $42 a month. 421 Sumner Ave.

CLIFTON PL., 237 — Large room and kitchen, with light family, for married couple. Decatur 2683.

FOR RENT — BROOKLYN

FOUR rooms, bath, electric, $29; 169 Moore, near subway. Telephone Lafayette 1582. Apr22-2t

THREE rooms, electric, improvements, $25; clean house; 247 Moore, near subway. Apr22-2t

FIVE rooms, only $35; electric, improvements, 918 Dean, near Franklin-Fulton elevated. Apr22-2t

SIX rooms, two-family house; electric; bath; something extra, $45; 30 Marion St. Apr22-2t

IF you wish cold water flats, cheap rents, telephone Lafayette 1582. Apr22-2t

THREE, four rooms; electric, improvements, $35; 1364 Fulton St., near Nostrand, Fulton elevated. Apr22-2t

ORMOND PL., 39 — Neatly furnished apartment; furnished; all improvements for light housekeeping. Sterling 6646. May6-2t

PUTNAM AVE., 236 — Unfurnished three rooms, all improvements; for light housekeeping; kitchenette; electric, heat, hot water, gas; also furnished room. Call after 5.30. May6-2t

CLIFTON PL., 229 — Three unfurnished rooms for light housekeeping; kitchenette; all furnished rooms. May6-4t

GATES AVE., 161 — Large front alcove room; electric, heat, bath; suitable for couple; refined people. Pros. 6841. May6-2t

10-ROOM brick; furnace heat, $100. Will rent to nice people. Agar, 1013 Bedford Ave., Brooklyn.

FOR SALE — BROOKLYN

COMPLETE dining room suite for sale at sacrifice; leaving town. Call all day Sat. and Sun. 323 Grand Ave., 1st floor, Brooklyn.

REAL ESTATE FOR SALE, BROOKLYN

COLORED BUYER — $500 cash puts you in possession; 10 rooms and bath; brownstone, Bedford section. W. & B. Realty Co., 466 Grand Ave.; Pros. 8084.

Special to All Home Seekers
— SEE —
REV. DR. W. H. WILSON
157 2d ST., ENGLEWOOD, N. J.
Who Will Supply You With Houses and Lots in New York or New Jersey. Also Money to Loan for Building. Call or write.
SEALES & SKINNER
Painters, Decorators, Plasterers, Paper Hangers and Carpenters. Prompt attention given to all orders.
712 GATES AVE. — LAF. 7934
Phone Audubon 5868
WM. H. WATKINS
Licensed
PLUMBER
Prompt Attention to All Work
227 WEST 139th STREET
J. G. GEORGES
Building Construction
Alteration, Repairing and General Contracting. One and two family houses a specialty.
2137 MADISON AVENUE
Harlem 8081
JAMES W. THORNTON
LUMBER, MOULDINGS, SASH, DOORS and BLINDS
Enameled and Gold Picture Moulding, Veneer Board, Veneered Panels, White Wood Panels
370 WEST 126th ST., N. Y. 8172
Telephone Morningside 8172
EMPLOYMENT AGENCIES
SQUARE EMPLOYMENT AGENCY
C. H. SCHRAEDER, Prop.
Established 1912
Hours 9 A. M. to 6 P. M.
Doormen, Elevator, Switchboard Operators, Porters, Firemen and Handymen
395 ST. NICHOLAS AVE., 150th St.
Harlem 3010-3000
H. FRIEDMAN, Prop.
West Side Employment Agency
72 WEST 135th STREET
Plenty of good positions open for male and female. Come up and see us.
Established 1907
HELP WANTED
Male and Female
N. F. DREW'S
EMPLOYMENT AGENCY
Call Mornings
59 WEST 135th ST.
MALE HELP WANTED
Representative wanted for Life Insurance for all forms of policies without race discrimination; also sick benefit policies written; good opportunity now. Apply 16 Court St., Brooklyn. Room 60.
